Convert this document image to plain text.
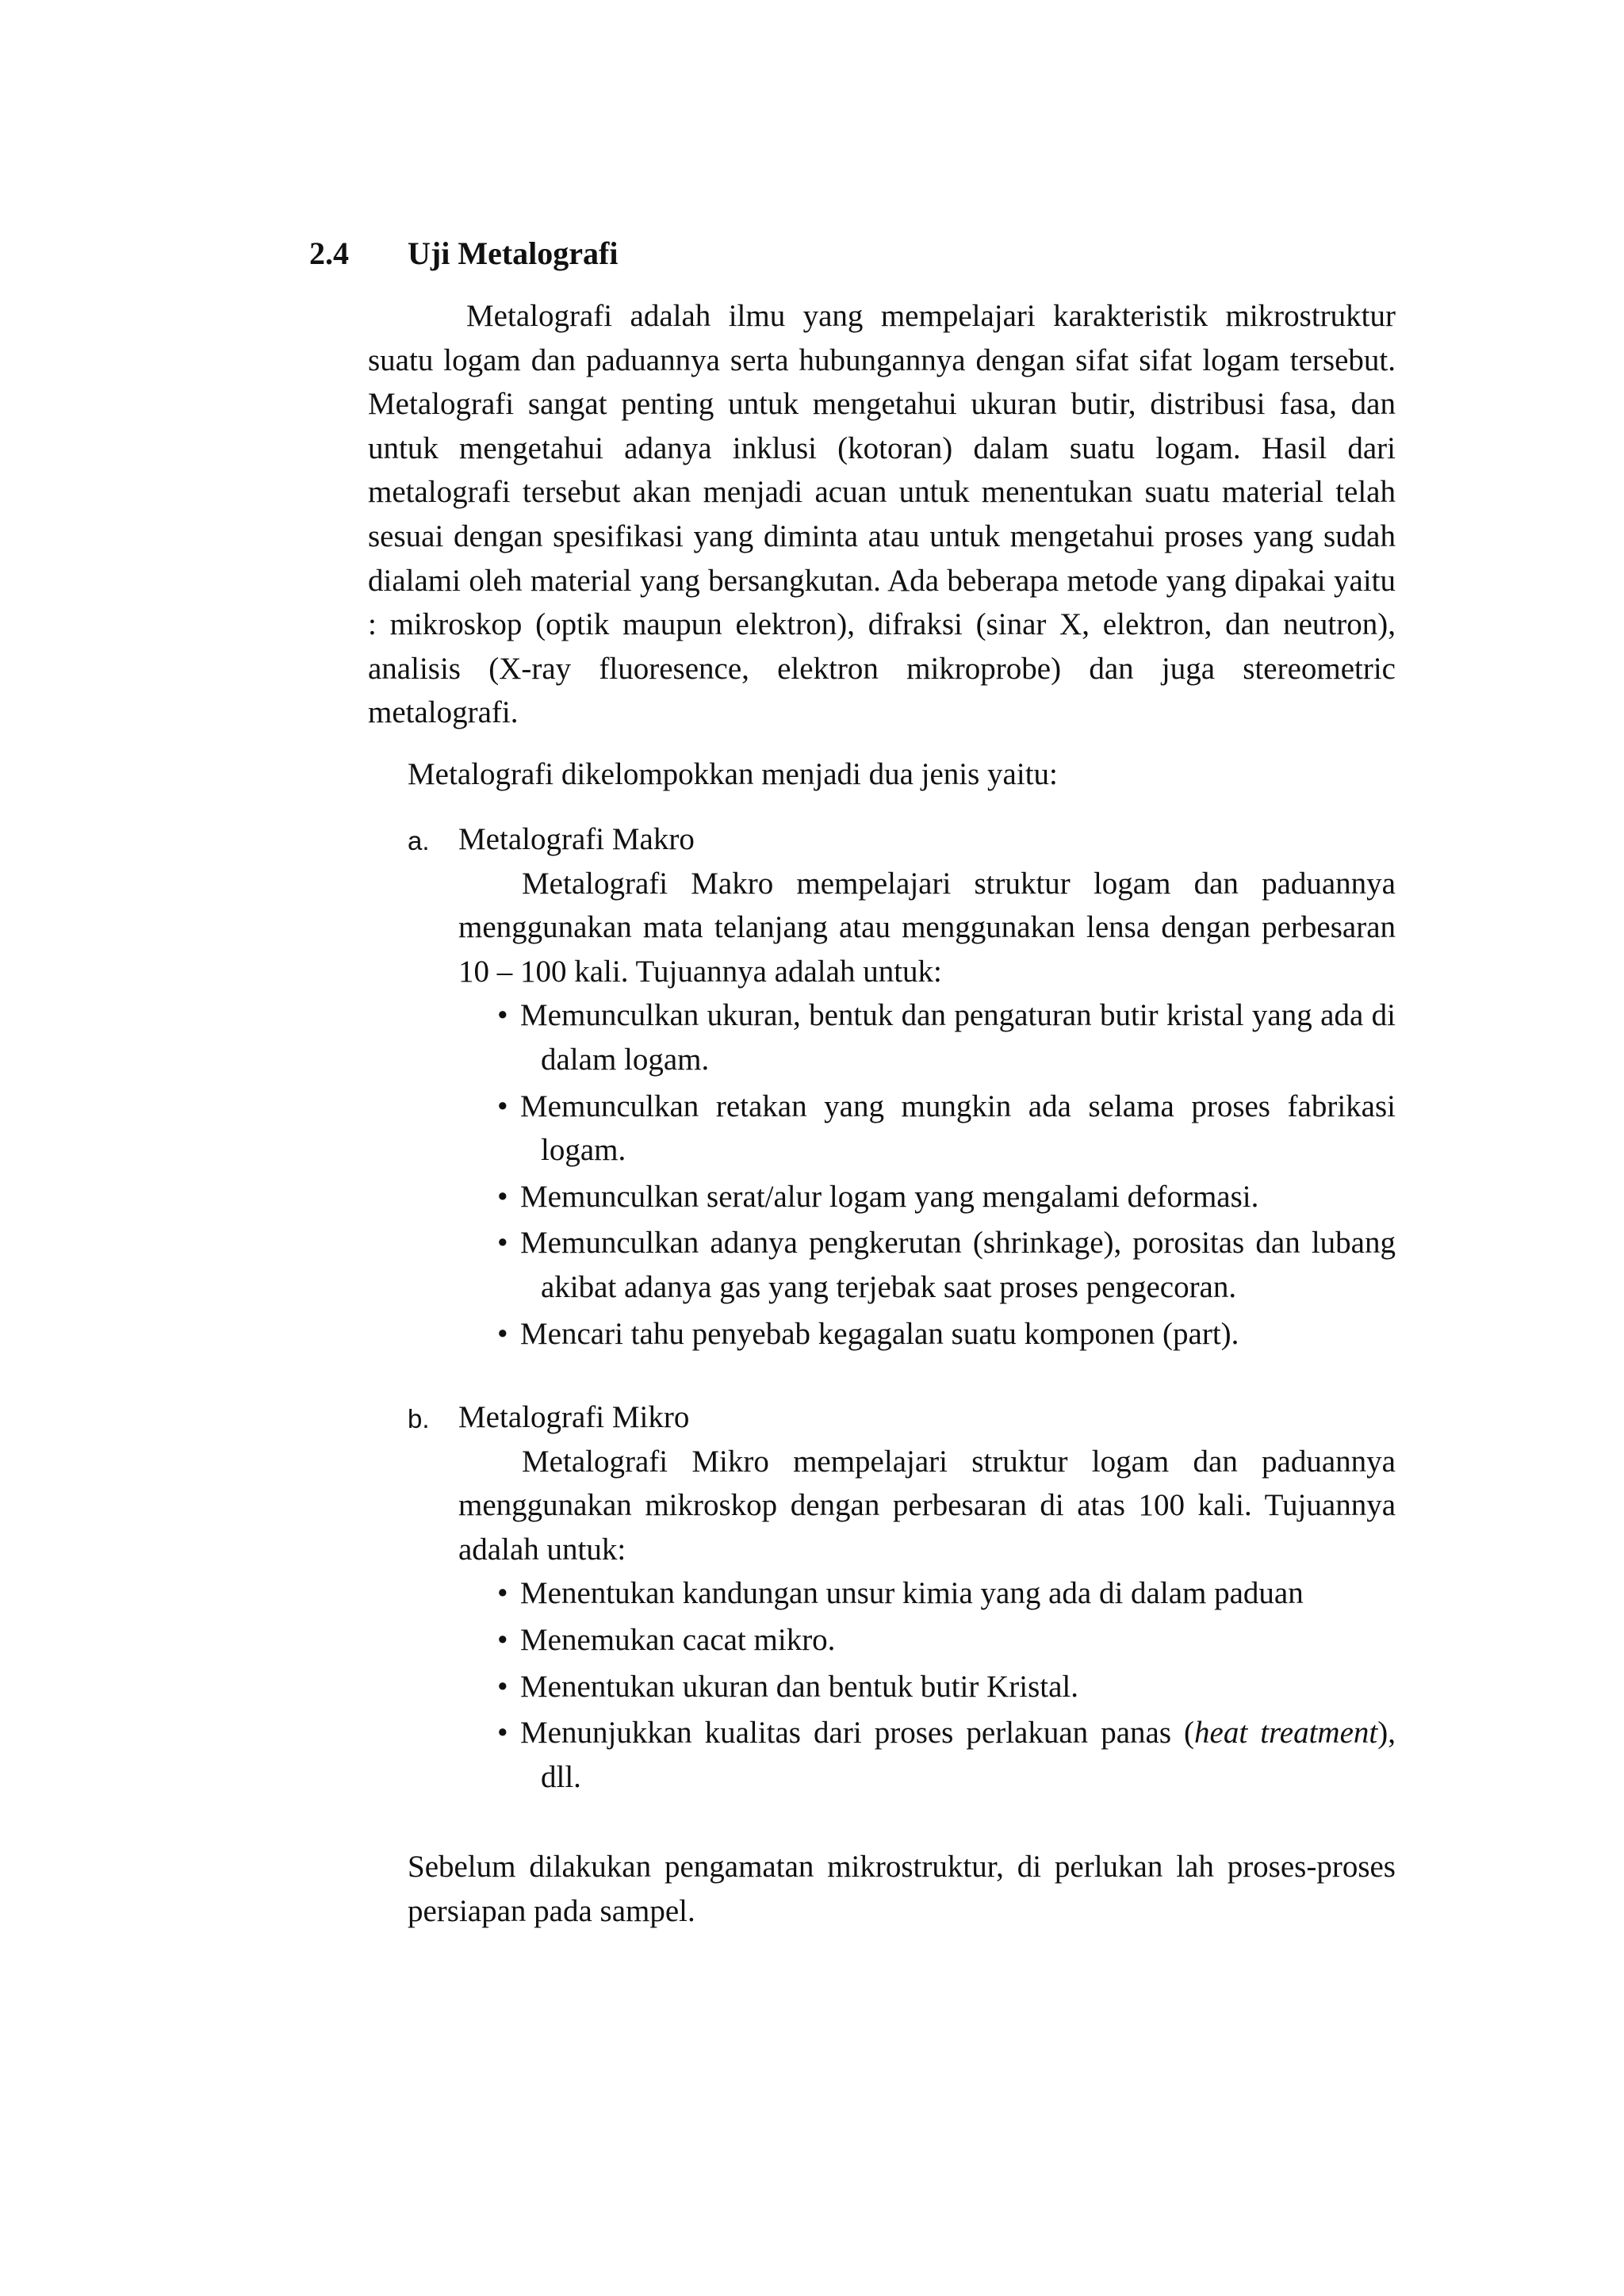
2.4 Uji Metalografi

Metalografi adalah ilmu yang mempelajari karakteristik mikrostruktur suatu logam dan paduannya serta hubungannya dengan sifat sifat logam tersebut. Metalografi sangat penting untuk mengetahui ukuran butir, distribusi fasa, dan untuk mengetahui adanya inklusi (kotoran) dalam suatu logam. Hasil dari metalografi tersebut akan menjadi acuan untuk menentukan suatu material telah sesuai dengan spesifikasi yang diminta atau untuk mengetahui proses yang sudah dialami oleh material yang bersangkutan. Ada beberapa metode yang dipakai yaitu : mikroskop (optik maupun elektron), difraksi (sinar X, elektron, dan neutron), analisis (X-ray fluoresence, elektron mikroprobe) dan juga stereometric metalografi.

Metalografi dikelompokkan menjadi dua jenis yaitu:

a. Metalografi Makro

Metalografi Makro mempelajari struktur logam dan paduannya menggunakan mata telanjang atau menggunakan lensa dengan perbesaran 10 – 100 kali. Tujuannya adalah untuk:

• Memunculkan ukuran, bentuk dan pengaturan butir kristal yang ada di dalam logam.
• Memunculkan retakan yang mungkin ada selama proses fabrikasi logam.
• Memunculkan serat/alur logam yang mengalami deformasi.
• Memunculkan adanya pengkerutan (shrinkage), porositas dan lubang akibat adanya gas yang terjebak saat proses pengecoran.
• Mencari tahu penyebab kegagalan suatu komponen (part).

b. Metalografi Mikro

Metalografi Mikro mempelajari struktur logam dan paduannya menggunakan mikroskop dengan perbesaran di atas 100 kali. Tujuannya adalah untuk:

• Menentukan kandungan unsur kimia yang ada di dalam paduan
• Menemukan cacat mikro.
• Menentukan ukuran dan bentuk butir Kristal.
• Menunjukkan kualitas dari proses perlakuan panas (heat treatment), dll.

Sebelum dilakukan pengamatan mikrostruktur, di perlukan lah proses-proses persiapan pada sampel.
